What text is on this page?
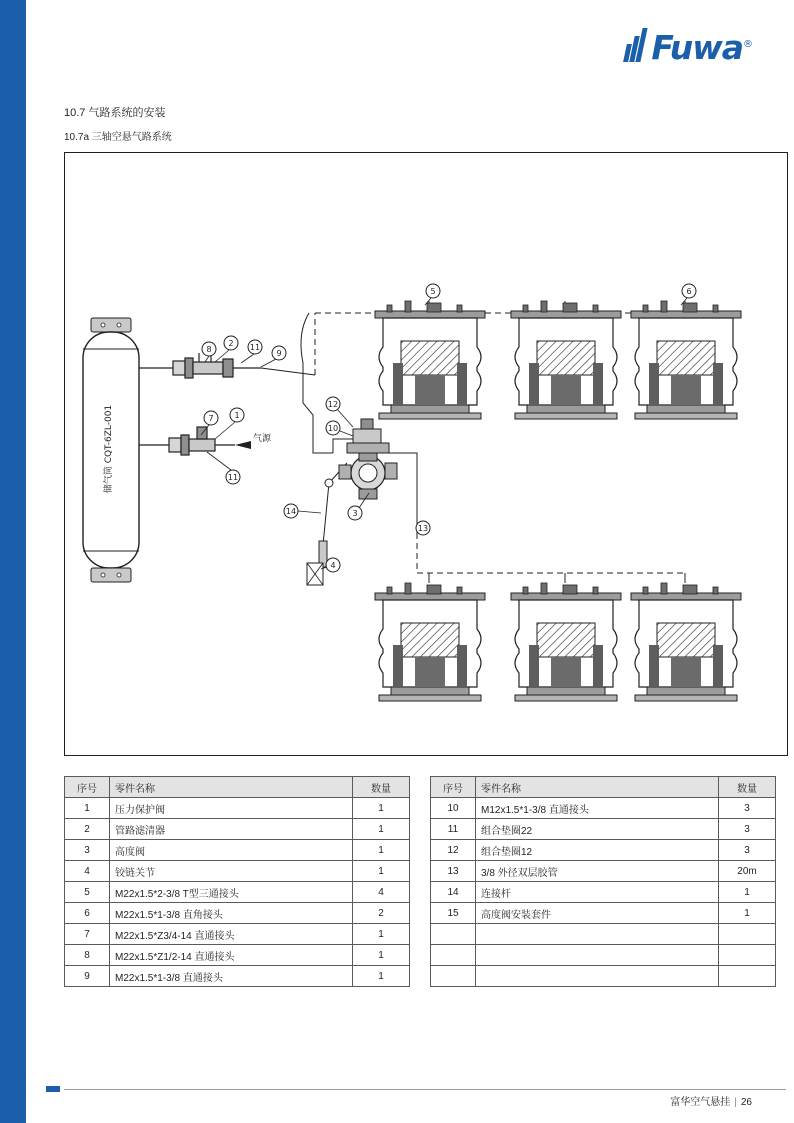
Fuwa®
10.7 气路系统的安装
10.7a 三轴空悬气路系统
储气筒 CQT-6ZL-001	气源
8
2 11
9
7	1
11
12
10
3
14
4
13
5	6
序号	零件名称	数量
1	压力保护阀	1
2	管路滤清器	1
3	高度阀	1
4	铰链关节	1
5	M22x1.5*2-3/8 T型三通接头	4
6	M22x1.5*1-3/8 直角接头	2
7	M22x1.5*Z3/4-14 直通接头	1
8	M22x1.5*Z1/2-14 直通接头	1
9	M22x1.5*1-3/8 直通接头	1
序号	零件名称	数量
10	M12x1.5*1-3/8 直通接头	3
11	组合垫圈22	3
12	组合垫圈12	3
13	3/8 外径双层胶管	20m
14	连接杆	1
15	高度阀安装套件	1

富华空气悬挂 | 26
